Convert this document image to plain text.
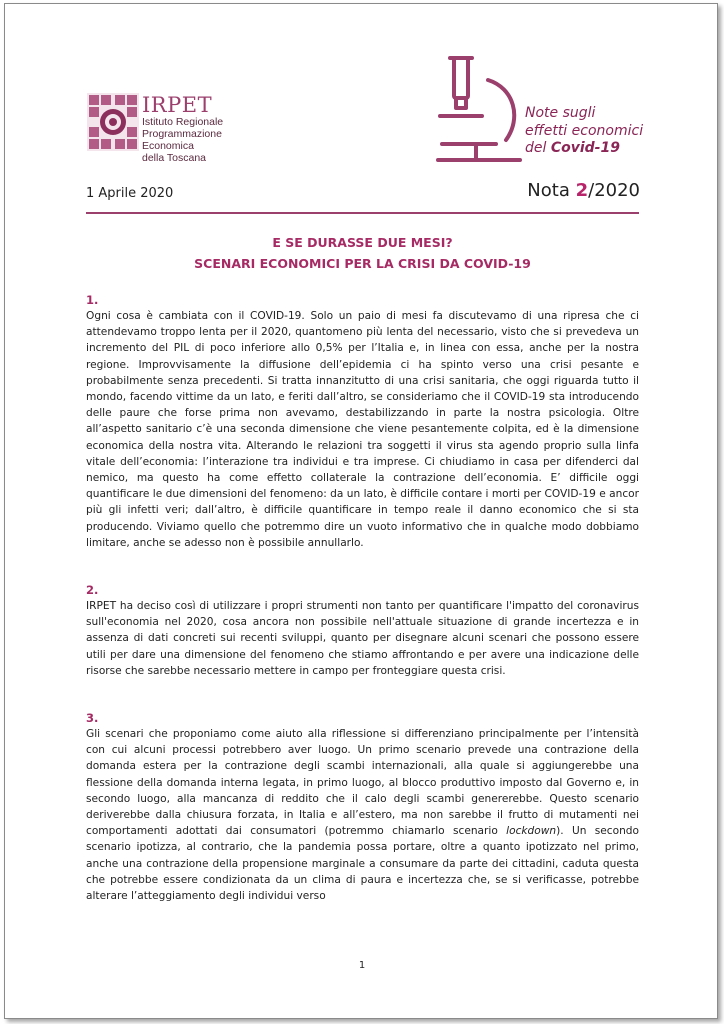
IRPET
Istituto Regionale
Programmazione
Economica
della Toscana
Note sugli
effetti economici
del Covid-19
1 Aprile 2020	Nota 2/2020
E SE DURASSE DUE MESI?
SCENARI ECONOMICI PER LA CRISI DA COVID-19
1.

Ogni cosa è cambiata con il COVID-19. Solo un paio di mesi fa discutevamo di una ripresa che ci attendevamo troppo lenta per il 2020, quantomeno più lenta del necessario, visto che si prevedeva un incremento del PIL di poco inferiore allo 0,5% per l’Italia e, in linea con essa, anche per la nostra regione. Improvvisamente la diffusione dell’epidemia ci ha spinto verso una crisi pesante e probabilmente senza precedenti. Si tratta innanzitutto di una crisi sanitaria, che oggi riguarda tutto il mondo, facendo vittime da un lato, e feriti dall’altro, se consideriamo che il COVID-19 sta introducendo delle paure che forse prima non avevamo, destabilizzando in parte la nostra psicologia. Oltre all’aspetto sanitario c’è una seconda dimensione che viene pesantemente colpita, ed è la dimensione economica della nostra vita. Alterando le relazioni tra soggetti il virus sta agendo proprio sulla linfa vitale dell’economia: l’interazione tra individui e tra imprese. Ci chiudiamo in casa per difenderci dal nemico, ma questo ha come effetto collaterale la contrazione dell’economia. E’ difficile oggi quantificare le due dimensioni del fenomeno: da un lato, è difficile contare i morti per COVID-19 e ancor più gli infetti veri; dall’altro, è difficile quantificare in tempo reale il danno economico che si sta producendo. Viviamo quello che potremmo dire un vuoto informativo che in qualche modo dobbiamo limitare, anche se adesso non è possibile annullarlo.

2.

IRPET ha deciso così di utilizzare i propri strumenti non tanto per quantificare l'impatto del coronavirus sull'economia nel 2020, cosa ancora non possibile nell'attuale situazione di grande incertezza e in assenza di dati concreti sui recenti sviluppi, quanto per disegnare alcuni scenari che possono essere utili per dare una dimensione del fenomeno che stiamo affrontando e per avere una indicazione delle risorse che sarebbe necessario mettere in campo per fronteggiare questa crisi.

3.

Gli scenari che proponiamo come aiuto alla riflessione si differenziano principalmente per l’intensità con cui alcuni processi potrebbero aver luogo. Un primo scenario prevede una contrazione della domanda estera per la contrazione degli scambi internazionali, alla quale si aggiungerebbe una flessione della domanda interna legata, in primo luogo, al blocco produttivo imposto dal Governo e, in secondo luogo, alla mancanza di reddito che il calo degli scambi genererebbe. Questo scenario deriverebbe dalla chiusura forzata, in Italia e all’estero, ma non sarebbe il frutto di mutamenti nei comportamenti adottati dai consumatori (potremmo chiamarlo scenario lockdown). Un secondo scenario ipotizza, al contrario, che la pandemia possa portare, oltre a quanto ipotizzato nel primo, anche una contrazione della propensione marginale a consumare da parte dei cittadini, caduta questa che potrebbe essere condizionata da un clima di paura e incertezza che, se si verificasse, potrebbe alterare l’atteggiamento degli individui verso

1
